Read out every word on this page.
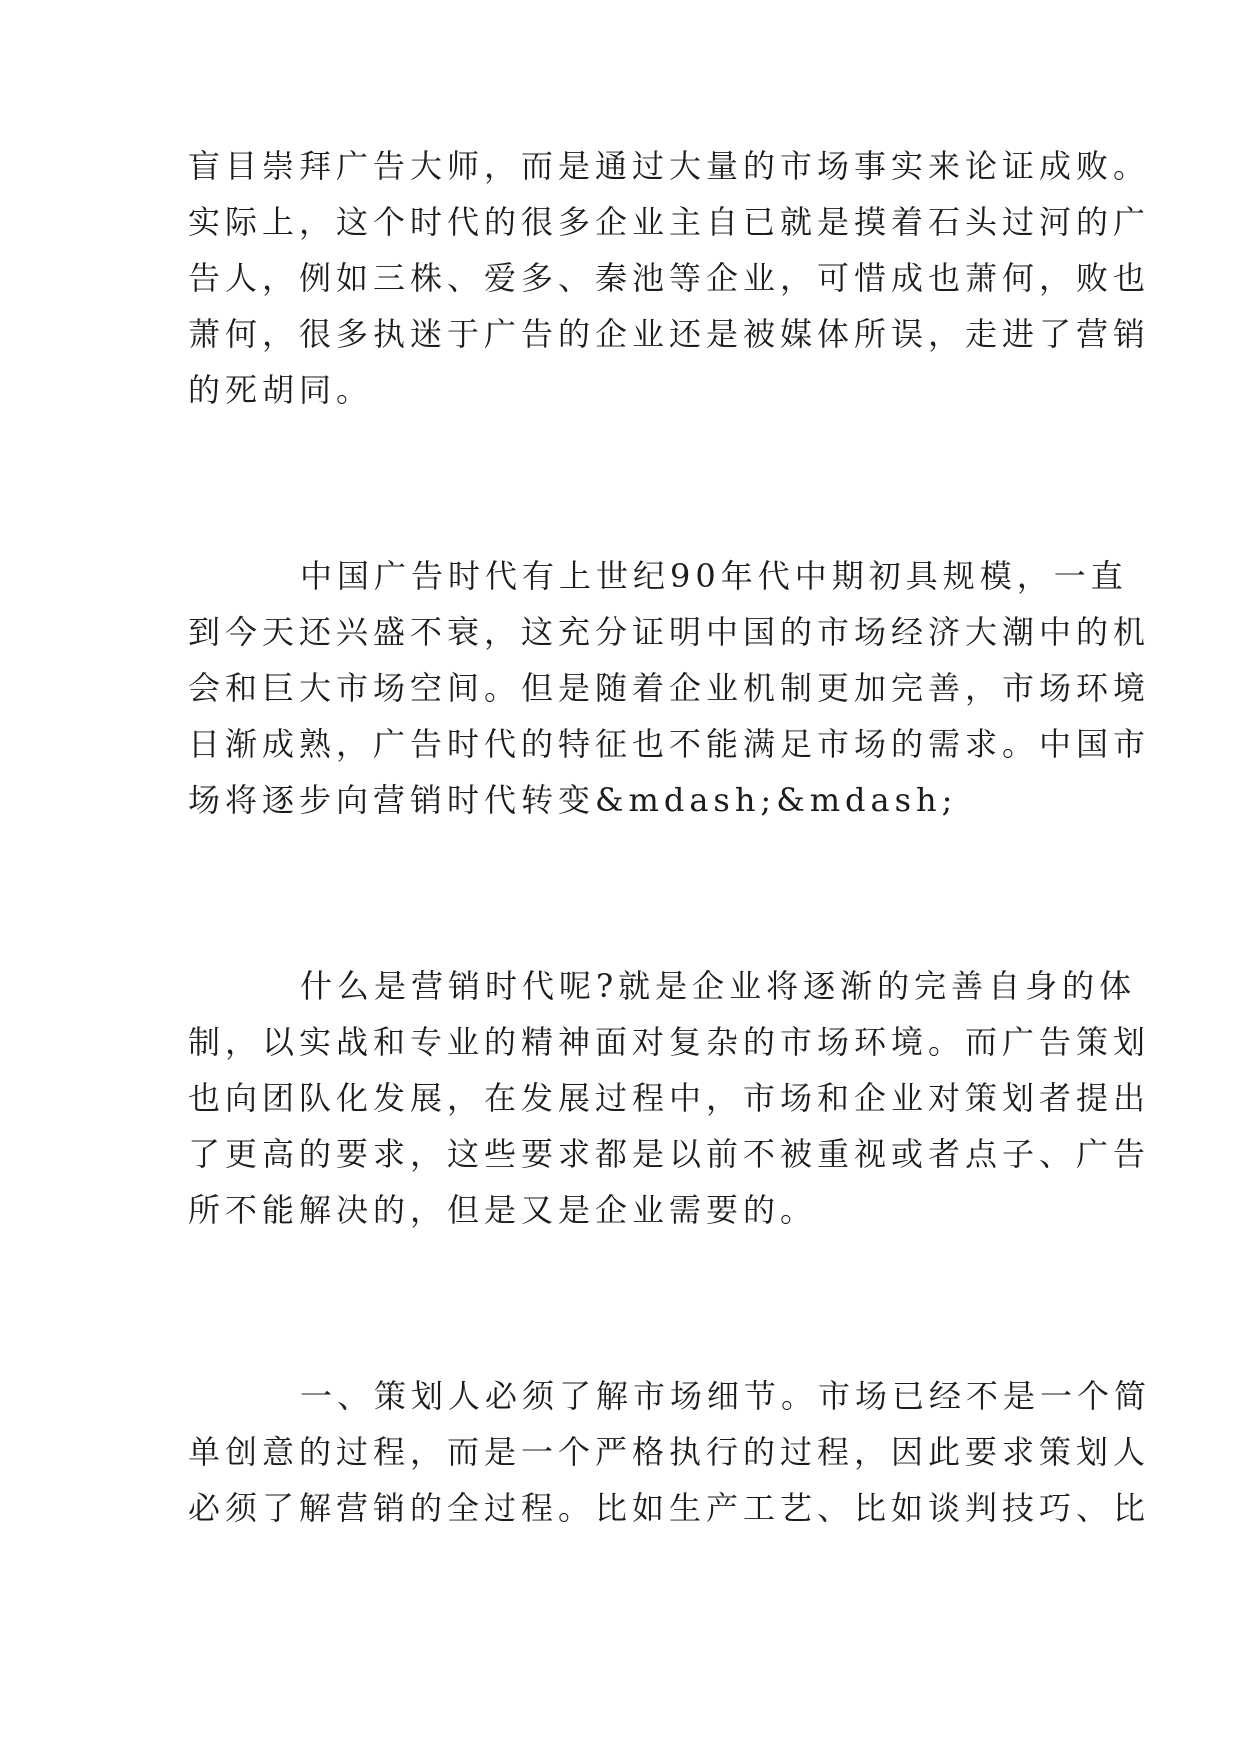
盲目崇拜广告大师，而是通过大量的市场事实来论证成败。
实际上，这个时代的很多企业主自已就是摸着石头过河的广
告人，例如三株、爱多、秦池等企业，可惜成也萧何，败也
萧何，很多执迷于广告的企业还是被媒体所误，走进了营销
的死胡同。
中国广告时代有上世纪90年代中期初具规模，一直
到今天还兴盛不衰，这充分证明中国的市场经济大潮中的机
会和巨大市场空间。但是随着企业机制更加完善，市场环境
日渐成熟，广告时代的特征也不能满足市场的需求。中国市
场将逐步向营销时代转变&mdash;&mdash;
什么是营销时代呢?就是企业将逐渐的完善自身的体
制，以实战和专业的精神面对复杂的市场环境。而广告策划
也向团队化发展，在发展过程中，市场和企业对策划者提出
了更高的要求，这些要求都是以前不被重视或者点子、广告
所不能解决的，但是又是企业需要的。
一、策划人必须了解市场细节。市场已经不是一个简
单创意的过程，而是一个严格执行的过程，因此要求策划人
必须了解营销的全过程。比如生产工艺、比如谈判技巧、比
